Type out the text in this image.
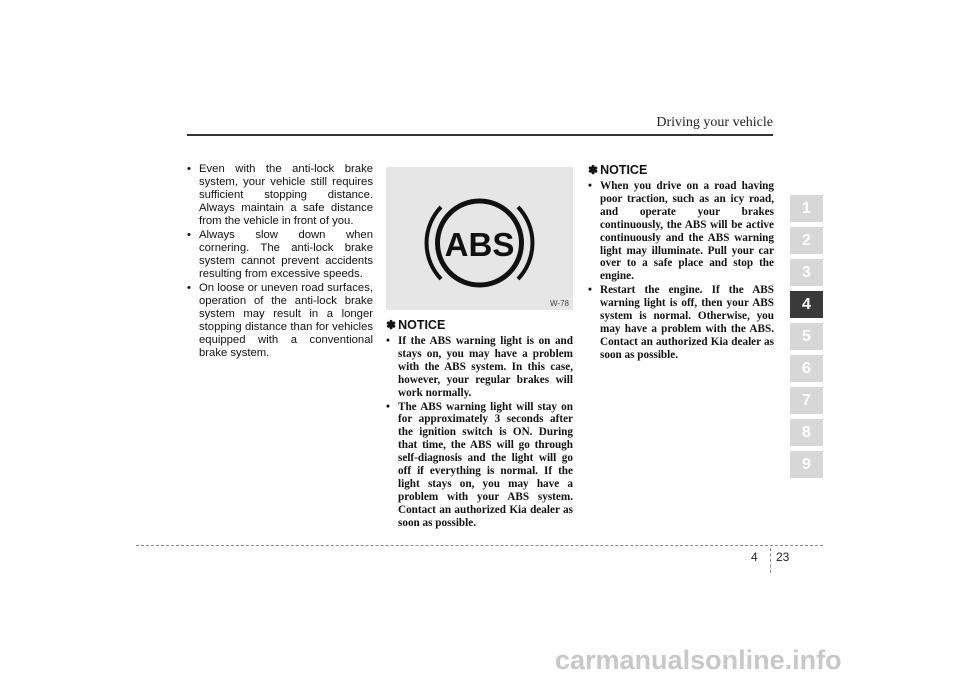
Driving your vehicle
• Even with the anti-lock brake system, your vehicle still requires sufficient stopping distance. Always maintain a safe distance from the vehicle in front of you.
• Always slow down when cornering. The anti-lock brake system cannot prevent accidents resulting from excessive speeds.
• On loose or uneven road surfaces, operation of the anti-lock brake system may result in a longer stopping distance than for vehicles equipped with a conventional brake system.
ABS
W-78
✽ NOTICE
• If the ABS warning light is on and stays on, you may have a problem with the ABS system. In this case, however, your regular brakes will work normally.
• The ABS warning light will stay on for approximately 3 seconds after the ignition switch is ON. During that time, the ABS will go through self-diagnosis and the light will go off if everything is normal. If the light stays on, you may have a problem with your ABS system. Contact an authorized Kia dealer as soon as possible.
✽ NOTICE
• When you drive on a road having poor traction, such as an icy road, and operate your brakes continuously, the ABS will be active continuously and the ABS warning light may illuminate. Pull your car over to a safe place and stop the engine.
• Restart the engine. If the ABS warning light is off, then your ABS system is normal. Otherwise, you may have a problem with the ABS. Contact an authorized Kia dealer as soon as possible.
1
2
3
4
5
6
7
8
9
4 23
carmanualsonline.info
